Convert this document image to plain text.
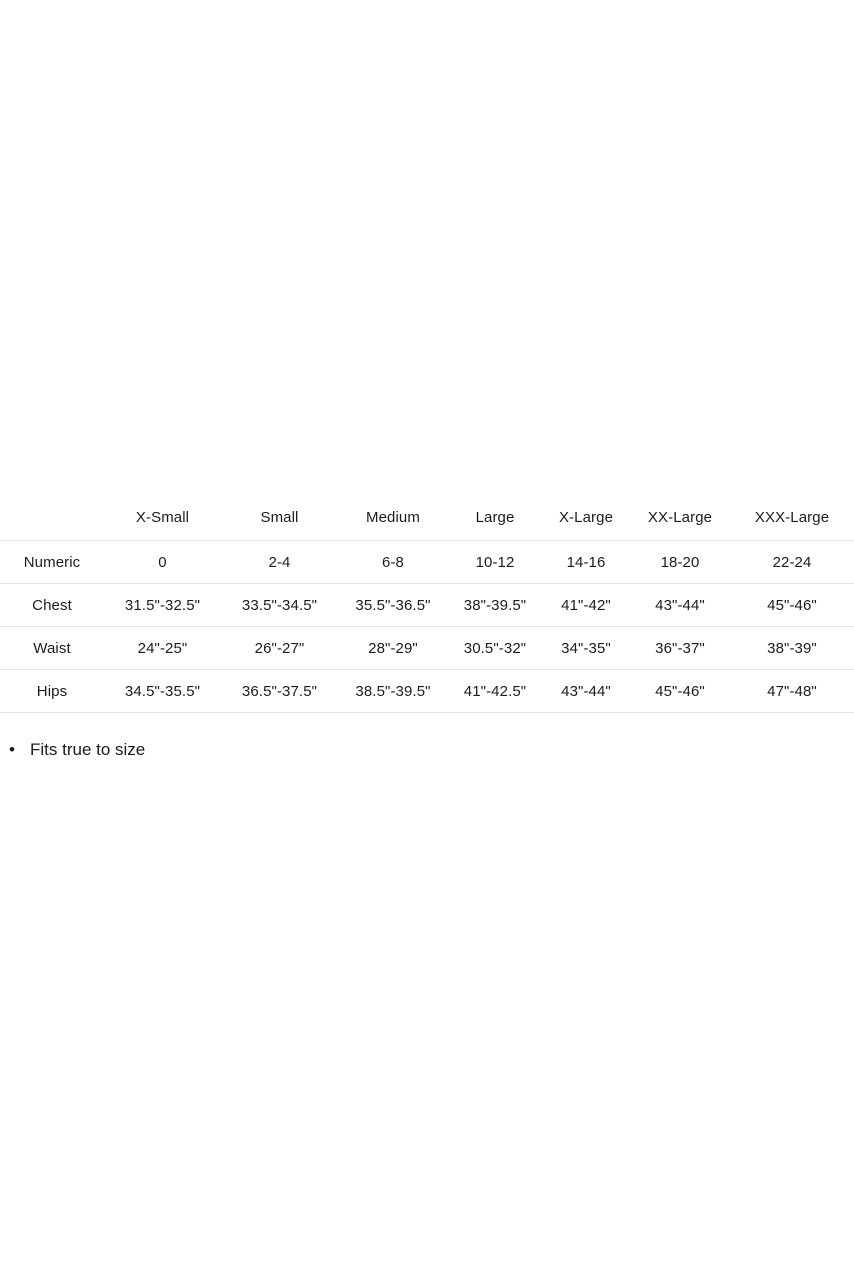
	X-Small	Small	Medium	Large	X-Large	XX-Large	XXX-Large
Numeric	0	2-4	6-8	10-12	14-16	18-20	22-24
Chest	31.5"-32.5"	33.5"-34.5"	35.5"-36.5"	38"-39.5"	41"-42"	43"-44"	45"-46"
Waist	24"-25"	26"-27"	28"-29"	30.5"-32"	34"-35"	36"-37"	38"-39"
Hips	34.5"-35.5"	36.5"-37.5"	38.5"-39.5"	41"-42.5"	43"-44"	45"-46"	47"-48"
• Fits true to size
